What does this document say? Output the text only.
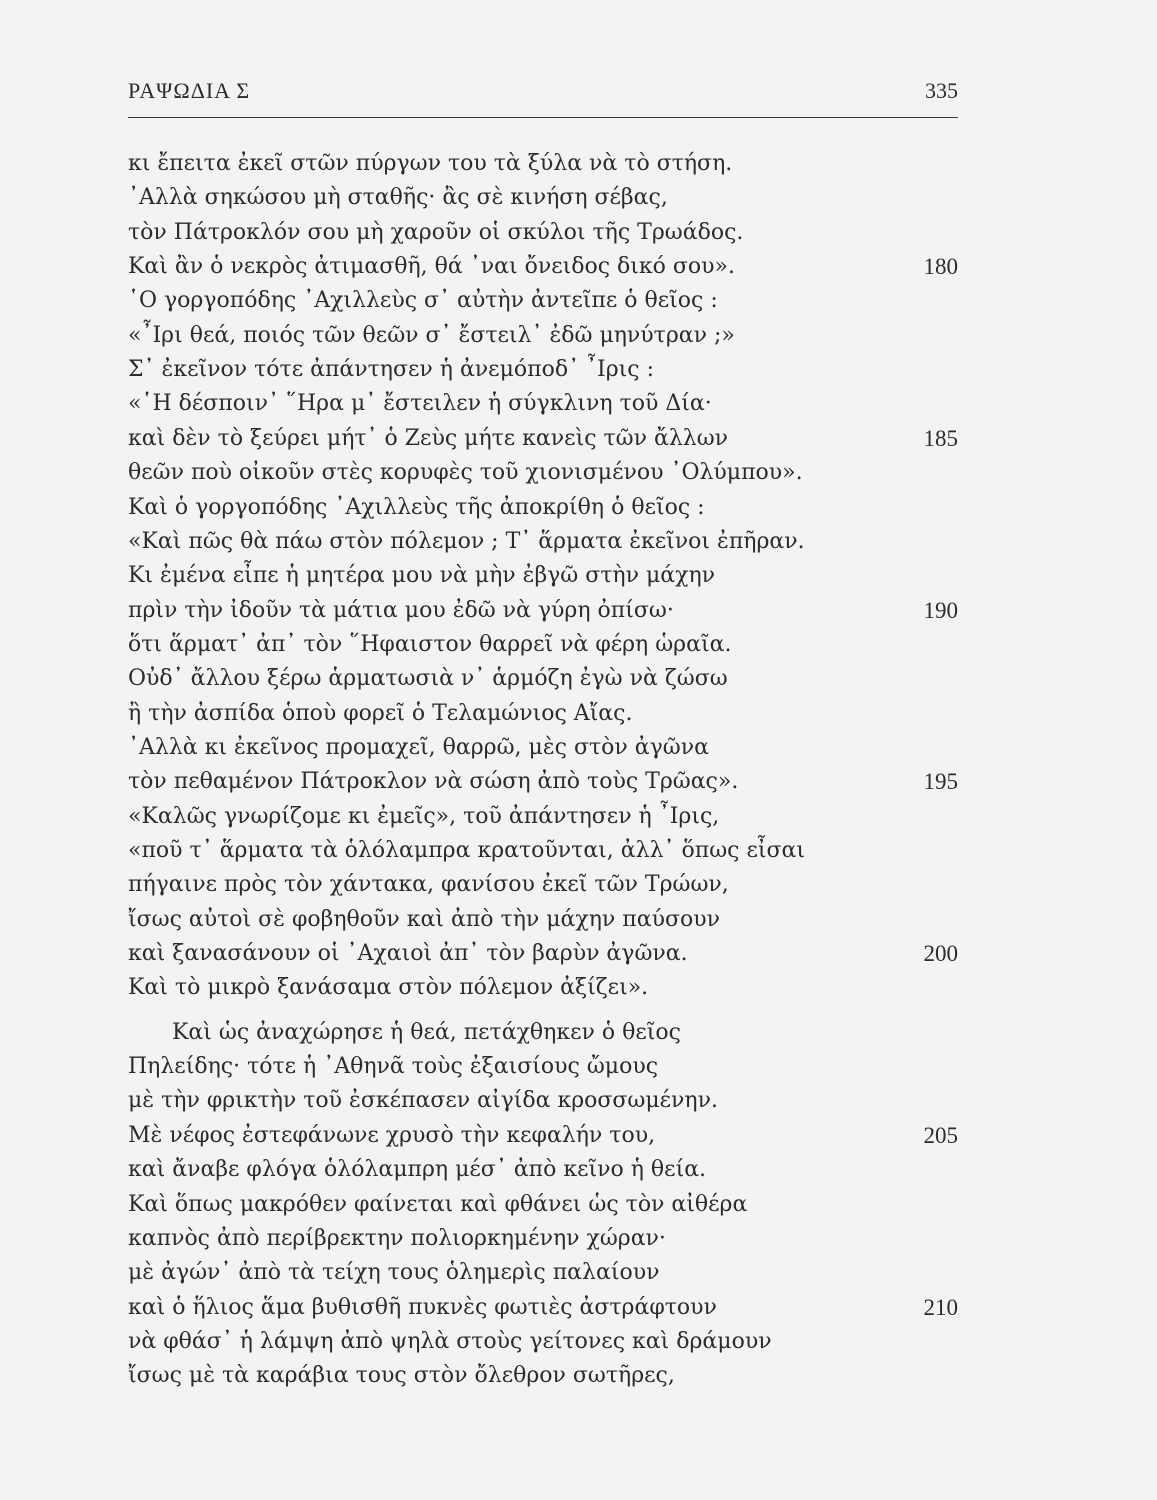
ΡΑΨΩΔΙΑ Σ	335
κι ἔπειτα ἐκεῖ στῶν πύργων του τὰ ξύλα νὰ τὸ στήση.
᾿Αλλὰ σηκώσου μὴ σταθῆς· ἂς σὲ κινήση σέβας,
τὸν Πάτροκλόν σου μὴ χαροῦν οἱ σκύλοι τῆς Τρωάδος.
Καὶ ἂν ὁ νεκρὸς ἀτιμασθῆ, θά ᾿ναι ὄνειδος δικό σου».	180
῾Ο γοργοπόδης ᾿Αχιλλεὺς σ᾿ αὐτὴν ἀντεῖπε ὁ θεῖος :
«῏Ιρι θεά, ποιός τῶν θεῶν σ᾿ ἔστειλ᾿ ἐδῶ μηνύτραν ;»
Σ᾿ ἐκεῖνον τότε ἀπάντησεν ἡ ἀνεμόποδ᾿ ῏Ιρις :
«῾Η δέσποιν᾿ ῞Ηρα μ᾿ ἔστειλεν ἡ σύγκλινη τοῦ Δία·
καὶ δὲν τὸ ξεύρει μήτ᾿ ὁ Ζεὺς μήτε κανεὶς τῶν ἄλλων	185
θεῶν ποὺ οἰκοῦν στὲς κορυφὲς τοῦ χιονισμένου ᾿Ολύμπου».
Καὶ ὁ γοργοπόδης ᾿Αχιλλεὺς τῆς ἀποκρίθη ὁ θεῖος :
«Καὶ πῶς θὰ πάω στὸν πόλεμον ; Τ᾿ ἅρματα ἐκεῖνοι ἐπῆραν.
Κι ἐμένα εἶπε ἡ μητέρα μου νὰ μὴν ἐβγῶ στὴν μάχην
πρὶν τὴν ἰδοῦν τὰ μάτια μου ἐδῶ νὰ γύρη ὀπίσω·	190
ὅτι ἅρματ᾿ ἀπ᾿ τὸν ῞Ηφαιστον θαρρεῖ νὰ φέρη ὡραῖα.
Οὐδ᾿ ἄλλου ξέρω ἁρματωσιὰ ν᾿ ἁρμόζη ἐγὼ νὰ ζώσω
ἢ τὴν ἀσπίδα ὁποὺ φορεῖ ὁ Τελαμώνιος Αἴας.
᾿Αλλὰ κι ἐκεῖνος προμαχεῖ, θαρρῶ, μὲς στὸν ἀγῶνα
τὸν πεθαμένον Πάτροκλον νὰ σώση ἀπὸ τοὺς Τρῶας».	195
«Καλῶς γνωρίζομε κι ἐμεῖς», τοῦ ἀπάντησεν ἡ ῏Ιρις,
«ποῦ τ᾿ ἅρματα τὰ ὁλόλαμπρα κρατοῦνται, ἀλλ᾿ ὅπως εἶσαι
πήγαινε πρὸς τὸν χάντακα, φανίσου ἐκεῖ τῶν Τρώων,
ἴσως αὐτοὶ σὲ φοβηθοῦν καὶ ἀπὸ τὴν μάχην παύσουν
καὶ ξανασάνουν οἱ ᾿Αχαιοὶ ἀπ᾿ τὸν βαρὺν ἀγῶνα.	200
Καὶ τὸ μικρὸ ξανάσαμα στὸν πόλεμον ἀξίζει».
Καὶ ὡς ἀναχώρησε ἡ θεά, πετάχθηκεν ὁ θεῖος
Πηλείδης· τότε ἡ ᾿Αθηνᾶ τοὺς ἐξαισίους ὤμους
μὲ τὴν φρικτὴν τοῦ ἐσκέπασεν αἰγίδα κροσσωμένην.
Μὲ νέφος ἐστεφάνωνε χρυσὸ τὴν κεφαλήν του,	205
καὶ ἄναβε φλόγα ὁλόλαμπρη μέσ᾿ ἀπὸ κεῖνο ἡ θεία.
Καὶ ὅπως μακρόθεν φαίνεται καὶ φθάνει ὡς τὸν αἰθέρα
καπνὸς ἀπὸ περίβρεκτην πολιορκημένην χώραν·
μὲ ἀγών᾿ ἀπὸ τὰ τείχη τους ὁλημερὶς παλαίουν
καὶ ὁ ἥλιος ἅμα βυθισθῆ πυκνὲς φωτιὲς ἀστράφτουν	210
νὰ φθάσ᾿ ἡ λάμψη ἀπὸ ψηλὰ στοὺς γείτονες καὶ δράμουν
ἴσως μὲ τὰ καράβια τους στὸν ὄλεθρον σωτῆρες,
